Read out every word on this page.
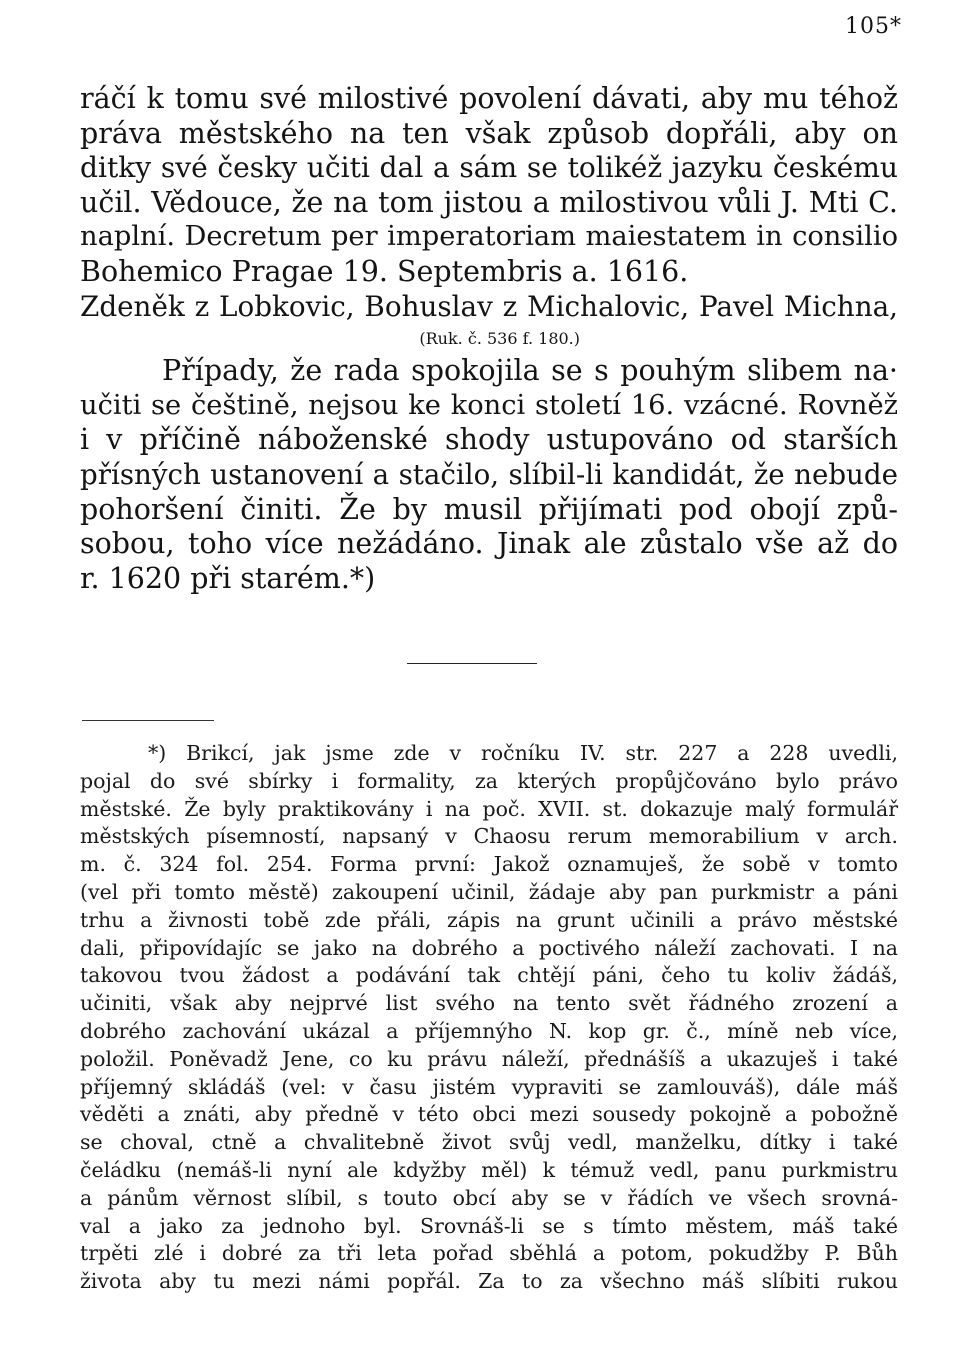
105*
ráčí k tomu své milostivé povolení dávati, aby mu téhož
práva městského na ten však způsob dopřáli, aby on
ditky své česky učiti dal a sám se tolikéž jazyku českému
učil. Vědouce, že na tom jistou a milostivou vůli J. Mti C.
naplní. Decretum per imperatoriam maiestatem in consilio
Bohemico Pragae 19. Septembris a. 1616.
Zdeněk z Lobkovic, Bohuslav z Michalovic, Pavel Michna,
(Ruk. č. 536 f. 180.)
Případy, že rada spokojila se s pouhým slibem na·
učiti se češtině, nejsou ke konci století 16. vzácné. Rovněž
i v příčině náboženské shody ustupováno od starších
přísných ustanovení a stačilo, slíbil-li kandidát, že nebude
pohoršení činiti. Že by musil přijímati pod obojí způ-
sobou, toho více nežádáno. Jinak ale zůstalo vše až do
r. 1620 při starém.*)
*) Brikcí, jak jsme zde v ročníku IV. str. 227 a 228 uvedli,
pojal do své sbírky i formality, za kterých propůjčováno bylo právo
městské. Že byly praktikovány i na poč. XVII. st. dokazuje malý formulář
městských písemností, napsaný v Chaosu rerum memorabilium v arch.
m. č. 324 fol. 254. Forma první: Jakož oznamuješ, že sobě v tomto
(vel při tomto městě) zakoupení učinil, žádaje aby pan purkmistr a páni
trhu a živnosti tobě zde přáli, zápis na grunt učinili a právo městské
dali, připovídajíc se jako na dobrého a poctivého náleží zachovati. I na
takovou tvou žádost a podávání tak chtějí páni, čeho tu koliv žádáš,
učiniti, však aby nejprvé list svého na tento svět řádného zrození a
dobrého zachování ukázal a příjemnýho N. kop gr. č., míně neb více,
položil. Poněvadž Jene, co ku právu náleží, přednášíš a ukazuješ i také
příjemný skládáš (vel: v času jistém vypraviti se zamlouváš), dále máš
věděti a znáti, aby předně v této obci mezi sousedy pokojně a pobožně
se choval, ctně a chvalitebně život svůj vedl, manželku, dítky i také
čeládku (nemáš-li nyní ale kdyžby měl) k témuž vedl, panu purkmistru
a pánům věrnost slíbil, s touto obcí aby se v řádích ve všech srovná-
val a jako za jednoho byl. Srovnáš-li se s tímto městem, máš také
trpěti zlé i dobré za tři leta pořad sběhlá a potom, pokudžby P. Bůh
života aby tu mezi námi popřál. Za to za všechno máš slíbiti rukou
